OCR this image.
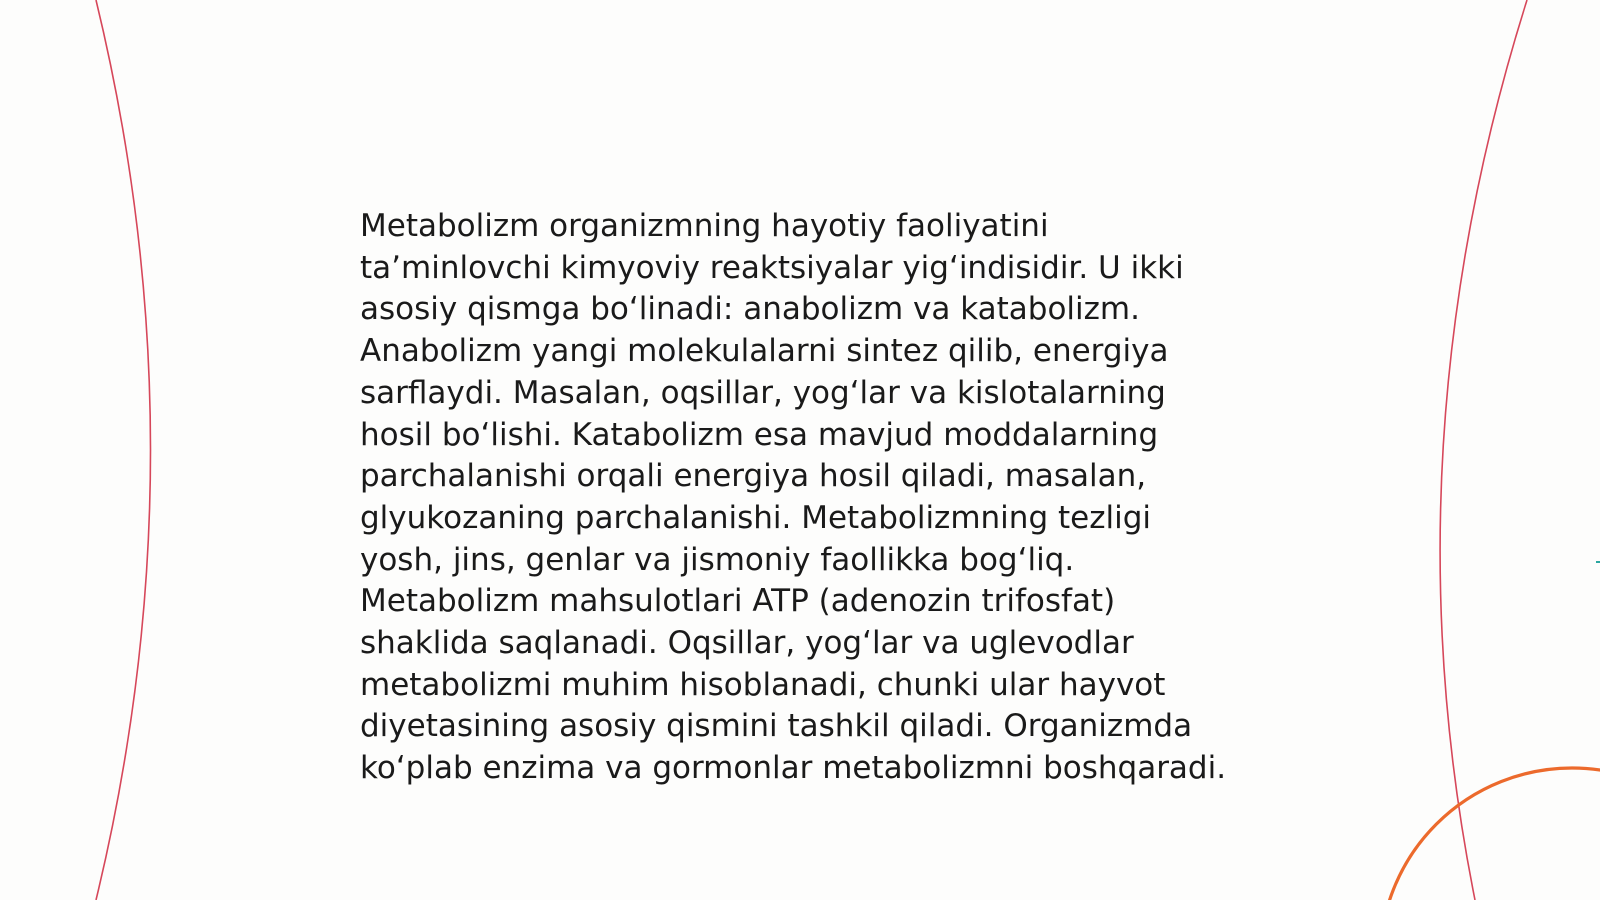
Metabolizm organizmning hayotiy faoliyatini ta’minlovchi kimyoviy reaktsiyalar yig‘indisidir. U ikki asosiy qismga bo‘linadi: anabolizm va katabolizm. Anabolizm yangi molekulalarni sintez qilib, energiya sarflaydi. Masalan, oqsillar, yog‘lar va kislotalarning hosil bo‘lishi. Katabolizm esa mavjud moddalarning parchalanishi orqali energiya hosil qiladi, masalan, glyukozaning parchalanishi. Metabolizmning tezligi yosh, jins, genlar va jismoniy faollikka bog‘liq. Metabolizm mahsulotlari ATP (adenozin trifosfat) shaklida saqlanadi. Oqsillar, yog‘lar va uglevodlar metabolizmi muhim hisoblanadi, chunki ular hayvot diyetasining asosiy qismini tashkil qiladi. Organizmda ko‘plab enzima va gormonlar metabolizmni boshqaradi.
